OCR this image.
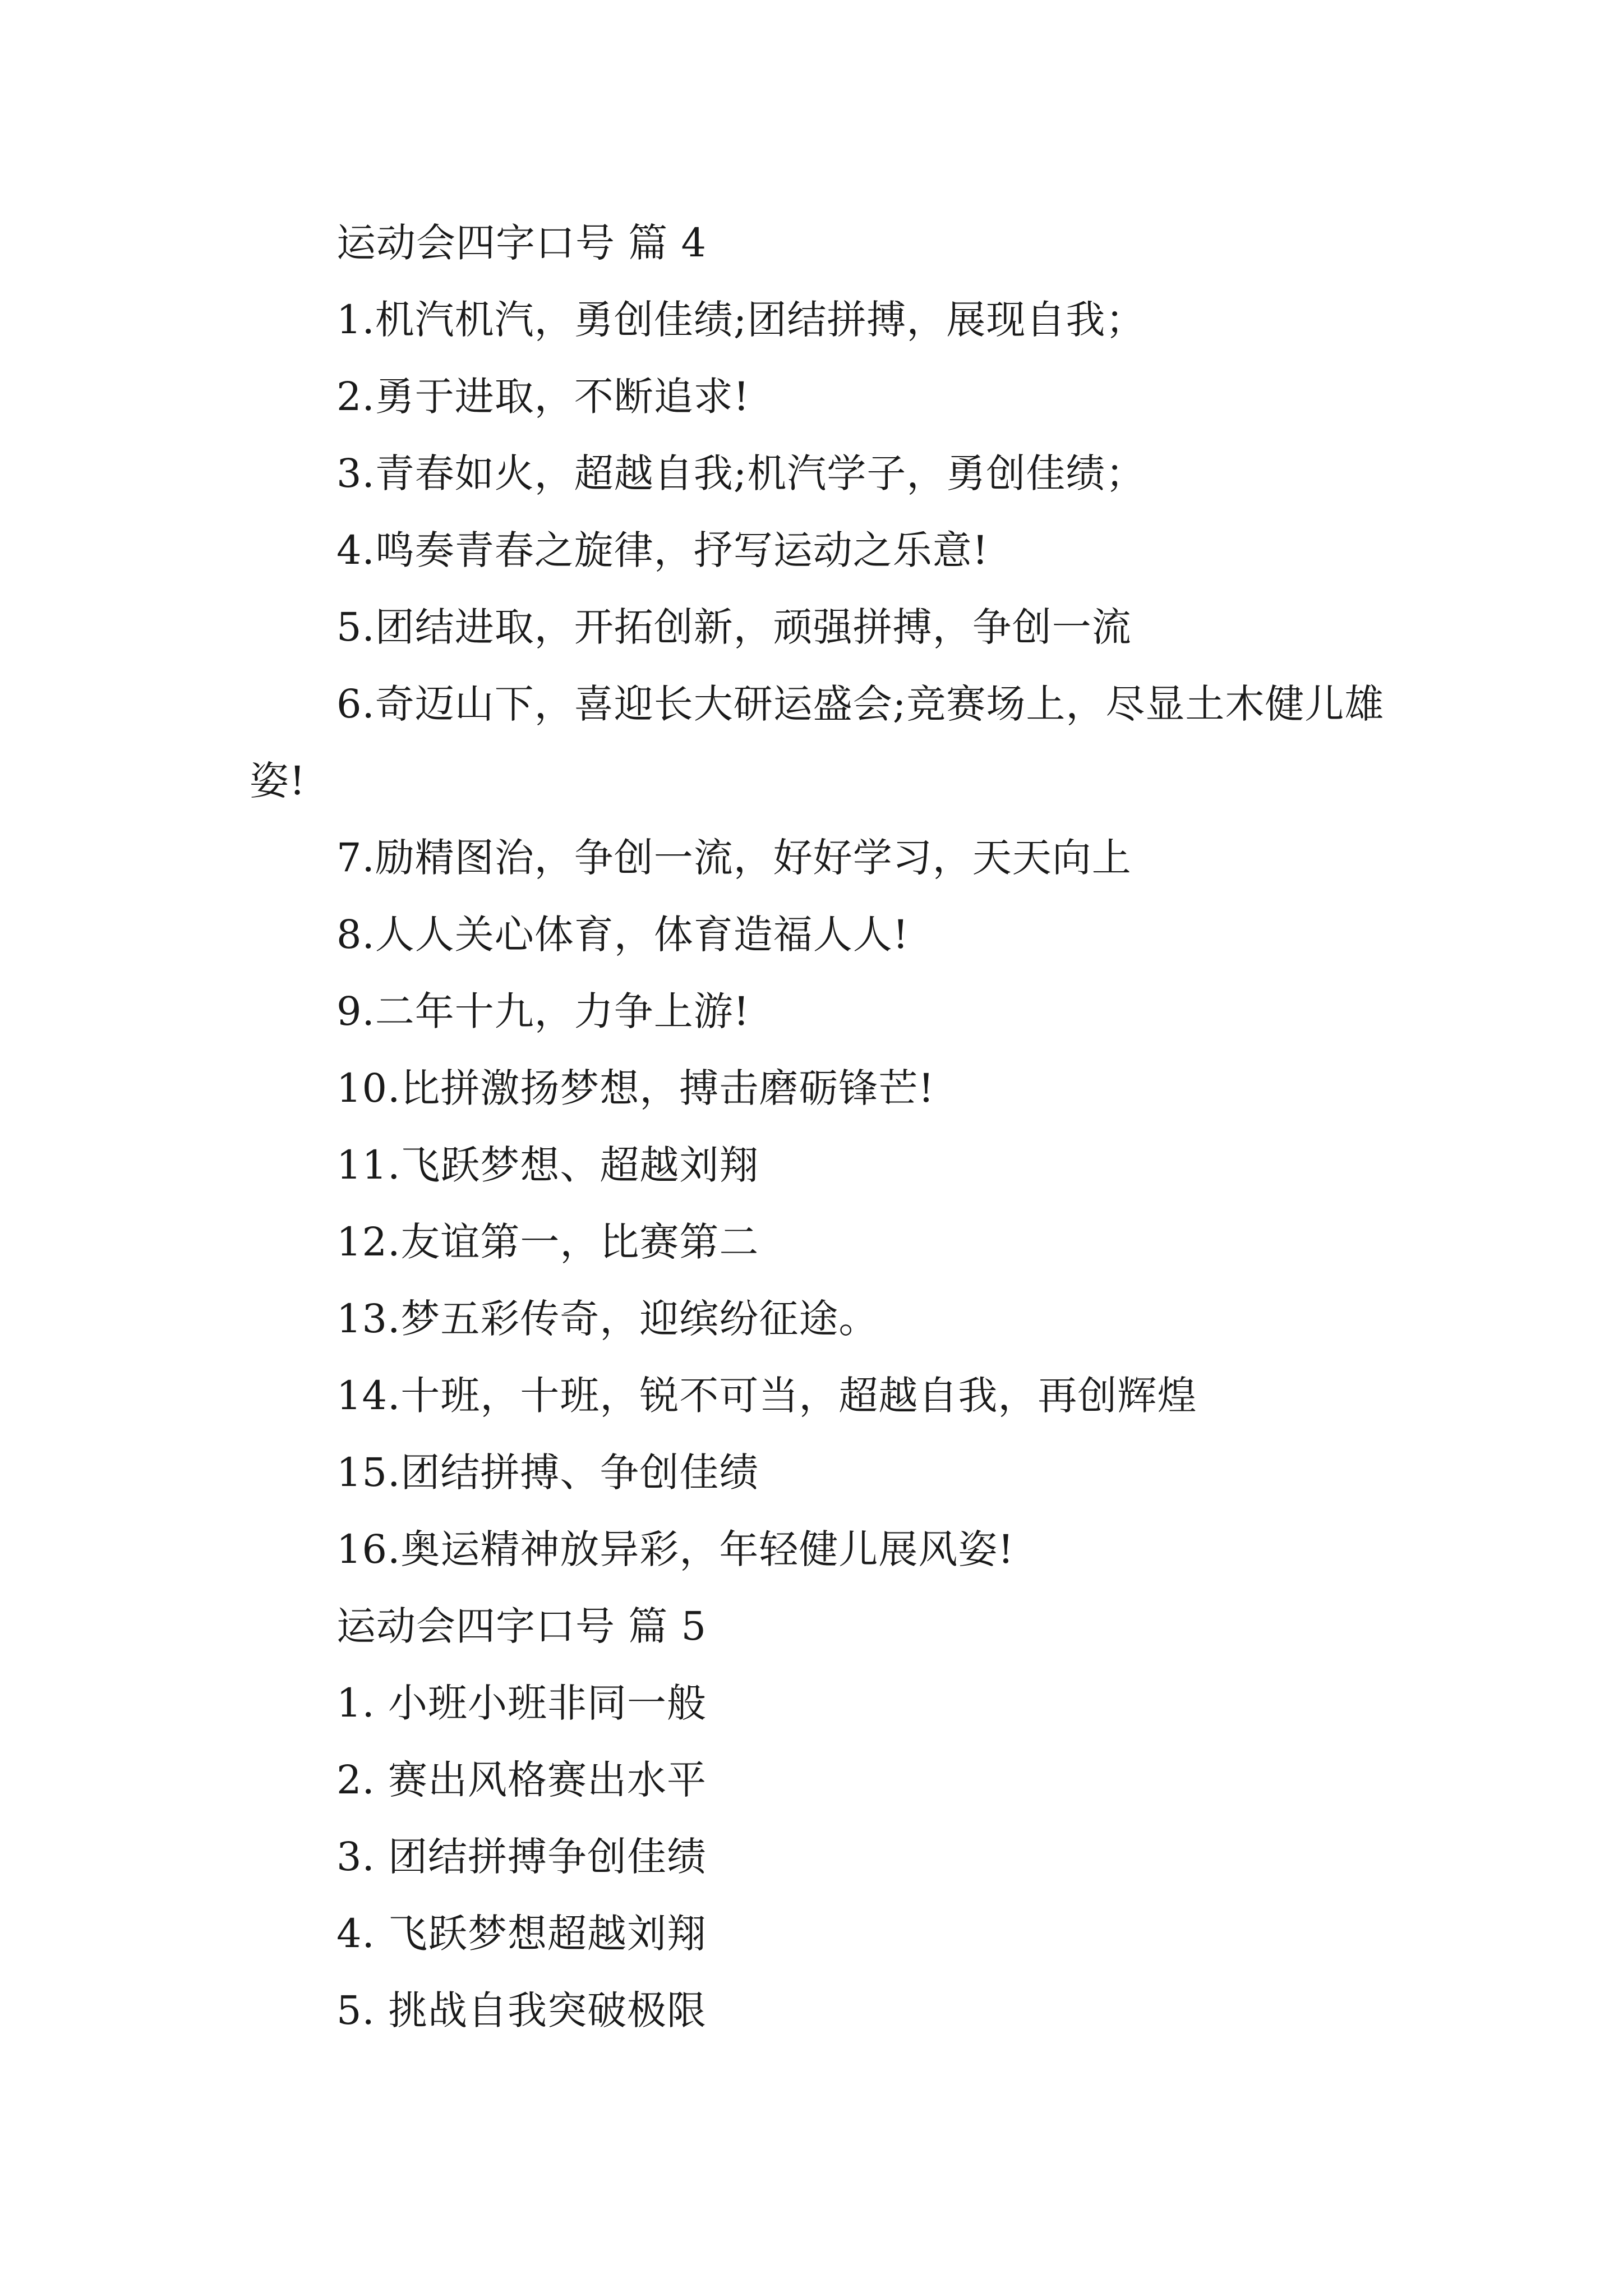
运动会四字口号 篇 4
1.机汽机汽，勇创佳绩;团结拼搏，展现自我；
2.勇于进取，不断追求!
3.青春如火，超越自我;机汽学子，勇创佳绩；
4.鸣奏青春之旋律，抒写运动之乐意!
5.团结进取，开拓创新，顽强拼搏，争创一流
6.奇迈山下，喜迎长大研运盛会;竞赛场上，尽显土木健儿雄姿!
7.励精图治，争创一流，好好学习，天天向上
8.人人关心体育，体育造福人人!
9.二年十九，力争上游!
10.比拼激扬梦想，搏击磨砺锋芒!
11.飞跃梦想、超越刘翔
12.友谊第一，比赛第二
13.梦五彩传奇，迎缤纷征途。
14.十班，十班，锐不可当，超越自我，再创辉煌
15.团结拼搏、争创佳绩
16.奥运精神放异彩，年轻健儿展风姿!
运动会四字口号 篇 5
1. 小班小班非同一般
2. 赛出风格赛出水平
3. 团结拼搏争创佳绩
4. 飞跃梦想超越刘翔
5. 挑战自我突破极限
